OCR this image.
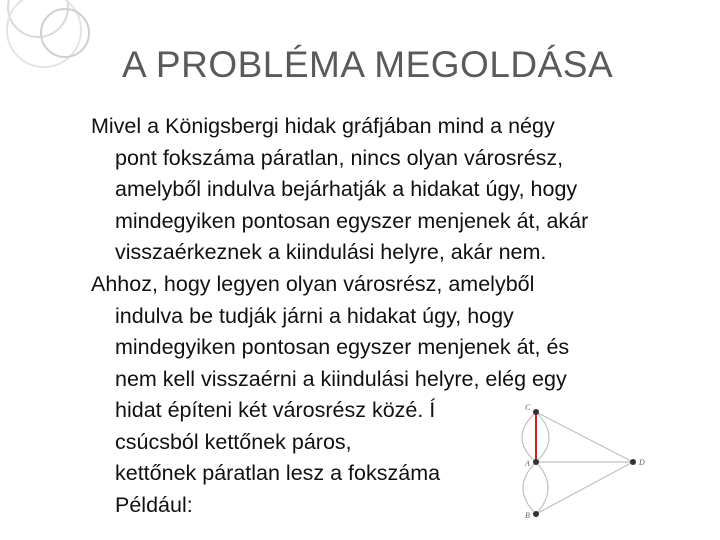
A PROBLÉMA MEGOLDÁSA
Mivel a Königsbergi hidak gráfjában mind a négy
pont fokszáma páratlan, nincs olyan városrész,
amelyből indulva bejárhatják a hidakat úgy, hogy
mindegyiken pontosan egyszer menjenek át, akár
visszaérkeznek a kiindulási helyre, akár nem.
Ahhoz, hogy legyen olyan városrész, amelyből
indulva be tudják járni a hidakat úgy, hogy
mindegyiken pontosan egyszer menjenek át, és
nem kell visszaérni a kiindulási helyre, elég egy
hidat építeni két városrész közé. Í
csúcsból kettőnek páros,
kettőnek páratlan lesz a fokszáma
Például:
C
A	D
B
